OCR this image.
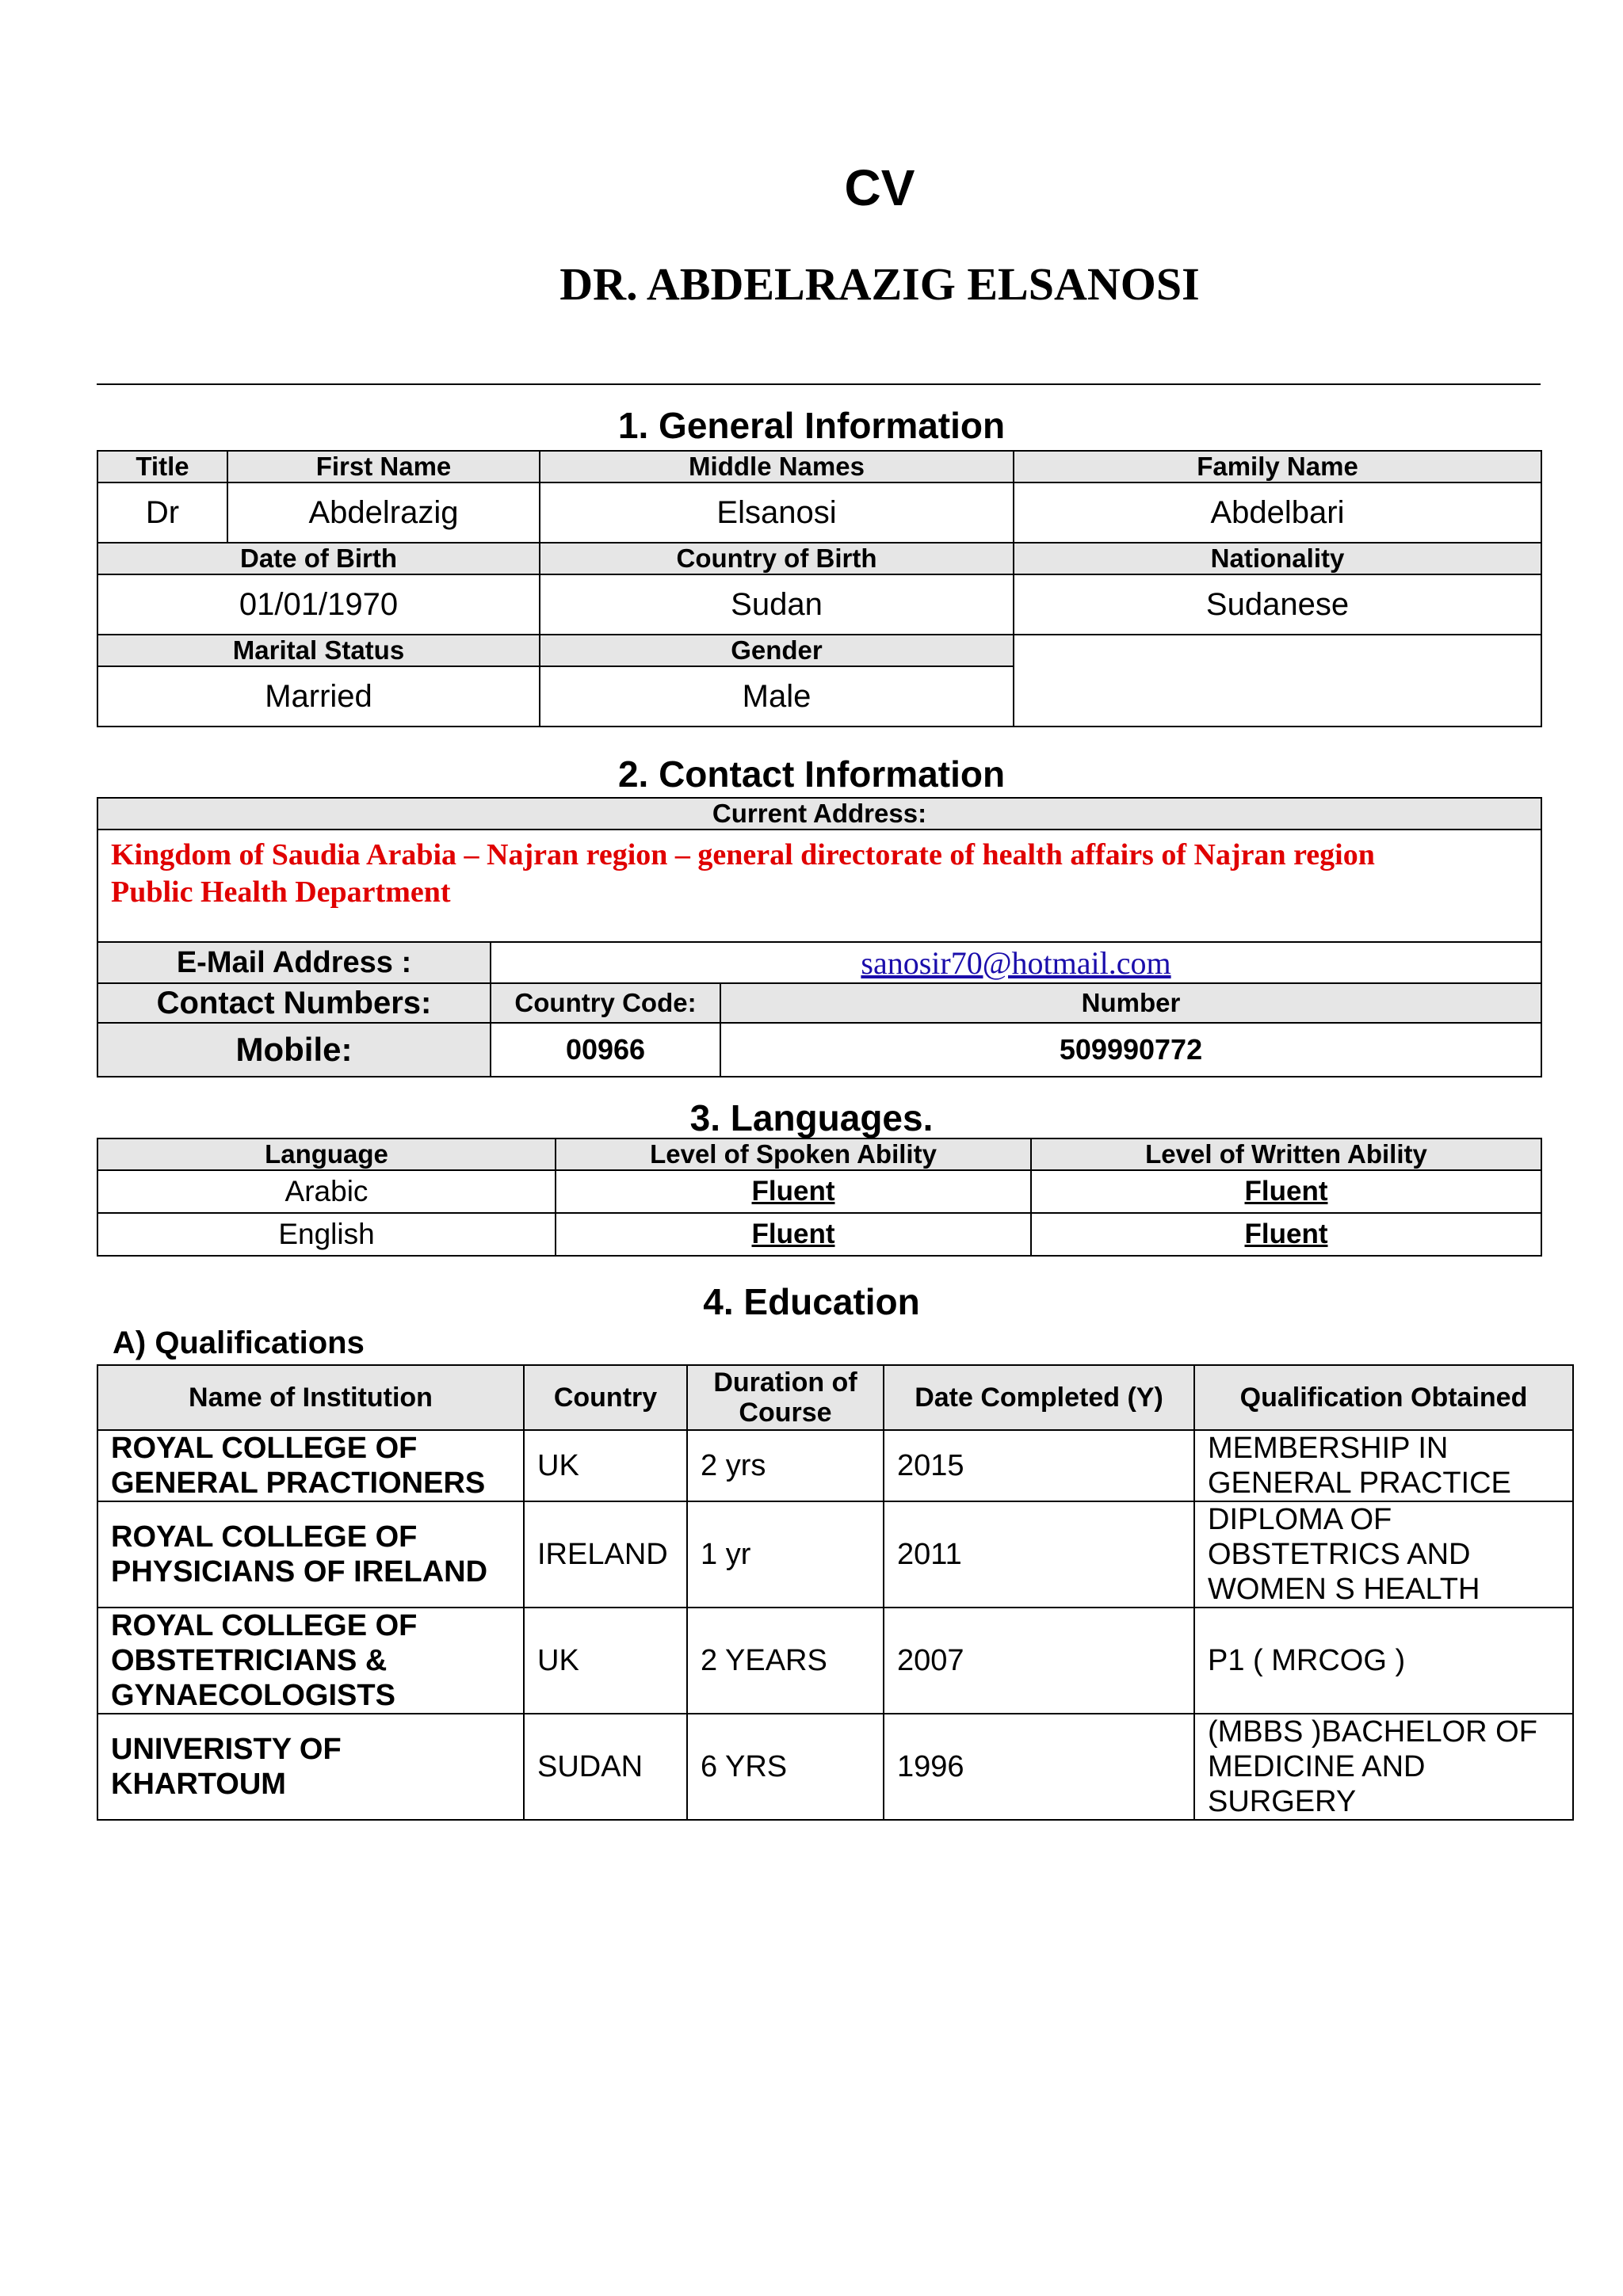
CV
DR. ABDELRAZIG ELSANOSI
1. General Information
Title	First Name	Middle Names	Family Name
Dr	Abdelrazig	Elsanosi	Abdelbari
Date of Birth		Country of Birth	Nationality
01/01/1970		Sudan	Sudanese
Marital Status		Gender	
Married		Male	
2. Contact Information
Current Address:		

Kingdom of Saudia Arabia – Najran region – general directorate of health affairs of Najran region
Public Health Department		

E-Mail Address :	sanosir70@hotmail.com	
Contact Numbers:	Country Code:	Number
Mobile:	00966	509990772
3. Languages.
Language	Level of Spoken Ability	Level of Written Ability
Arabic	Fluent	Fluent
English	Fluent	Fluent
4. Education
A) Qualifications
Name of Institution	Country	Duration of Course	Date Completed (Y)	Qualification Obtained
ROYAL COLLEGE OF GENERAL PRACTIONERS	UK	2 yrs	2015	MEMBERSHIP IN GENERAL PRACTICE
ROYAL COLLEGE OF PHYSICIANS OF IRELAND	IRELAND	1 yr	2011	DIPLOMA OF OBSTETRICS AND WOMEN S HEALTH
ROYAL COLLEGE OF OBSTETRICIANS & GYNAECOLOGISTS	UK	2 YEARS	2007	P1 ( MRCOG )
UNIVERISTY OF KHARTOUM	SUDAN	6 YRS	1996	(MBBS )BACHELOR OF MEDICINE AND SURGERY
